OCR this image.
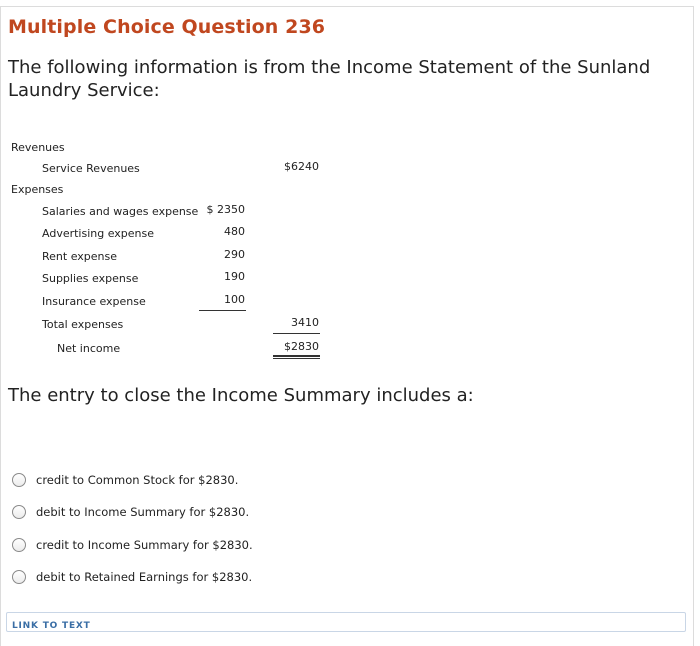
Multiple Choice Question 236
The following information is from the Income Statement of the Sunland Laundry Service:
Revenues
Service Revenues	$6240
Expenses
Salaries and wages expense $ 2350
Advertising expense	480
Rent expense	290
Supplies expense	190
Insurance expense	100
Total expenses	3410
Net income	$2830
The entry to close the Income Summary includes a:
credit to Common Stock for $2830.
debit to Income Summary for $2830.
credit to Income Summary for $2830.
debit to Retained Earnings for $2830.
LINK TO TEXT
